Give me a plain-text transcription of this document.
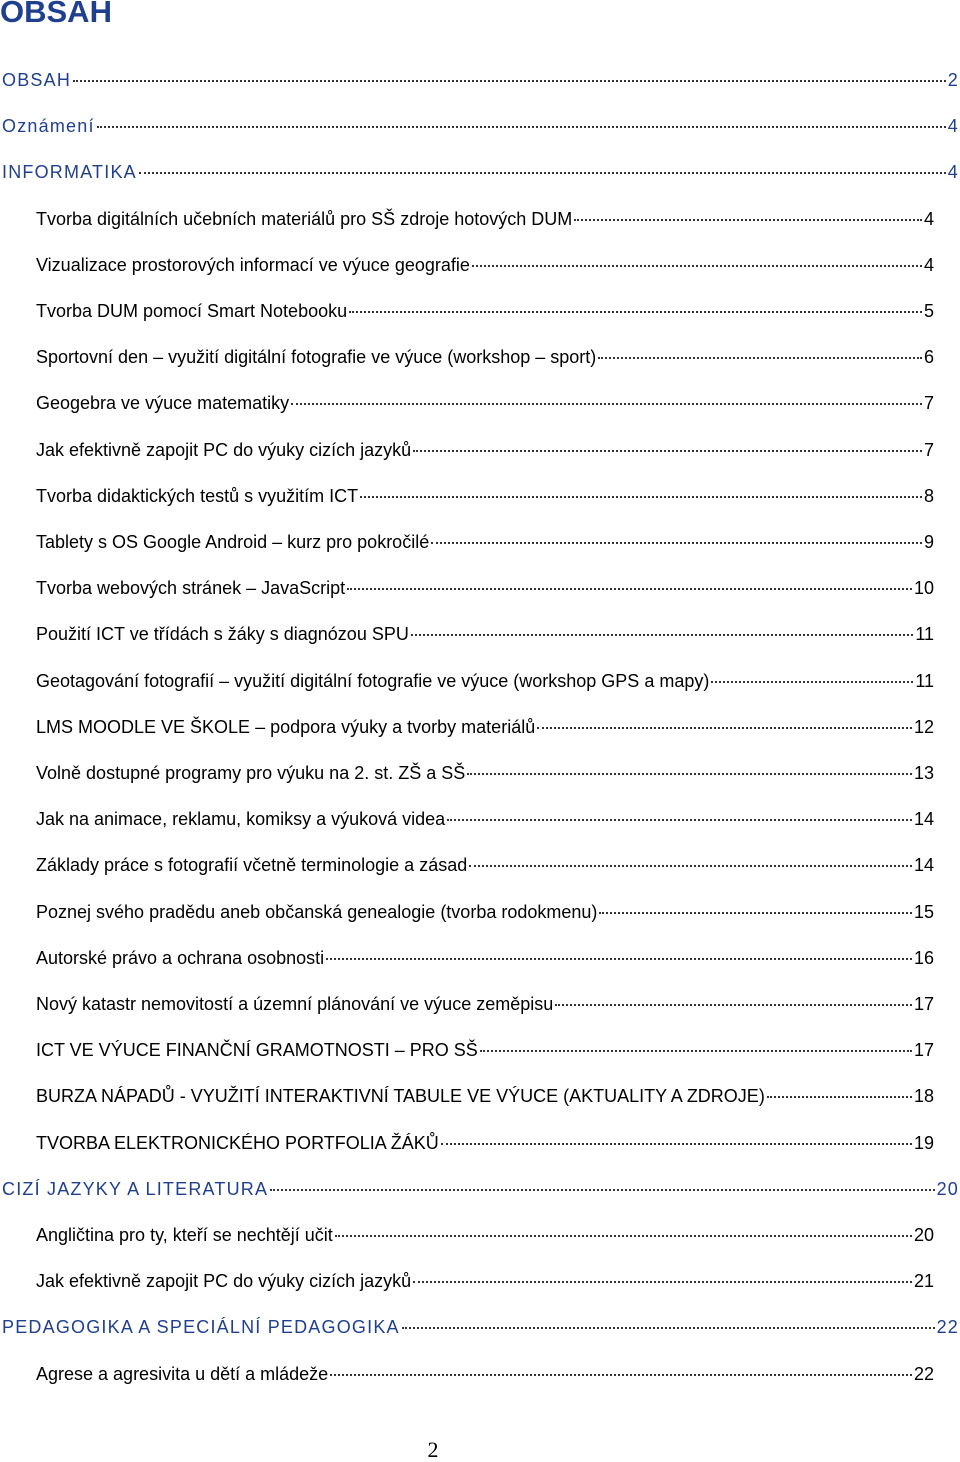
OBSAH
OBSAH	2
Oznámení	4
INFORMATIKA	4
Tvorba digitálních učebních materiálů pro SŠ zdroje hotových DUM	4
Vizualizace prostorových informací ve výuce geografie	4
Tvorba DUM pomocí Smart Notebooku	5
Sportovní den – využití digitální fotografie ve výuce (workshop – sport)	6
Geogebra ve výuce matematiky	7
Jak efektivně zapojit PC do výuky cizích jazyků	7
Tvorba didaktických testů s využitím ICT	8
Tablety s OS Google Android – kurz pro pokročilé	9
Tvorba webových stránek – JavaScript	10
Použití ICT ve třídách s žáky s diagnózou SPU	11
Geotagování fotografií – využití digitální fotografie ve výuce (workshop GPS a mapy)	11
LMS MOODLE VE ŠKOLE – podpora výuky a tvorby materiálů	12
Volně dostupné programy pro výuku na 2. st. ZŠ a SŠ	13
Jak na animace, reklamu, komiksy a výuková videa	14
Základy práce s fotografií včetně terminologie a zásad	14
Poznej svého pradědu aneb občanská genealogie (tvorba rodokmenu)	15
Autorské právo a ochrana osobnosti	16
Nový katastr nemovitostí a územní plánování ve výuce zeměpisu	17
ICT VE VÝUCE FINANČNÍ GRAMOTNOSTI – PRO SŠ	17
BURZA NÁPADŮ - VYUŽITÍ INTERAKTIVNÍ TABULE VE VÝUCE (AKTUALITY A ZDROJE)	18
TVORBA ELEKTRONICKÉHO PORTFOLIA ŽÁKŮ	19
CIZÍ JAZYKY A LITERATURA	20
Angličtina pro ty, kteří se nechtějí učit	20
Jak efektivně zapojit PC do výuky cizích jazyků	21
PEDAGOGIKA A SPECIÁLNÍ PEDAGOGIKA	22
Agrese a agresivita u dětí a mládeže	22
2
